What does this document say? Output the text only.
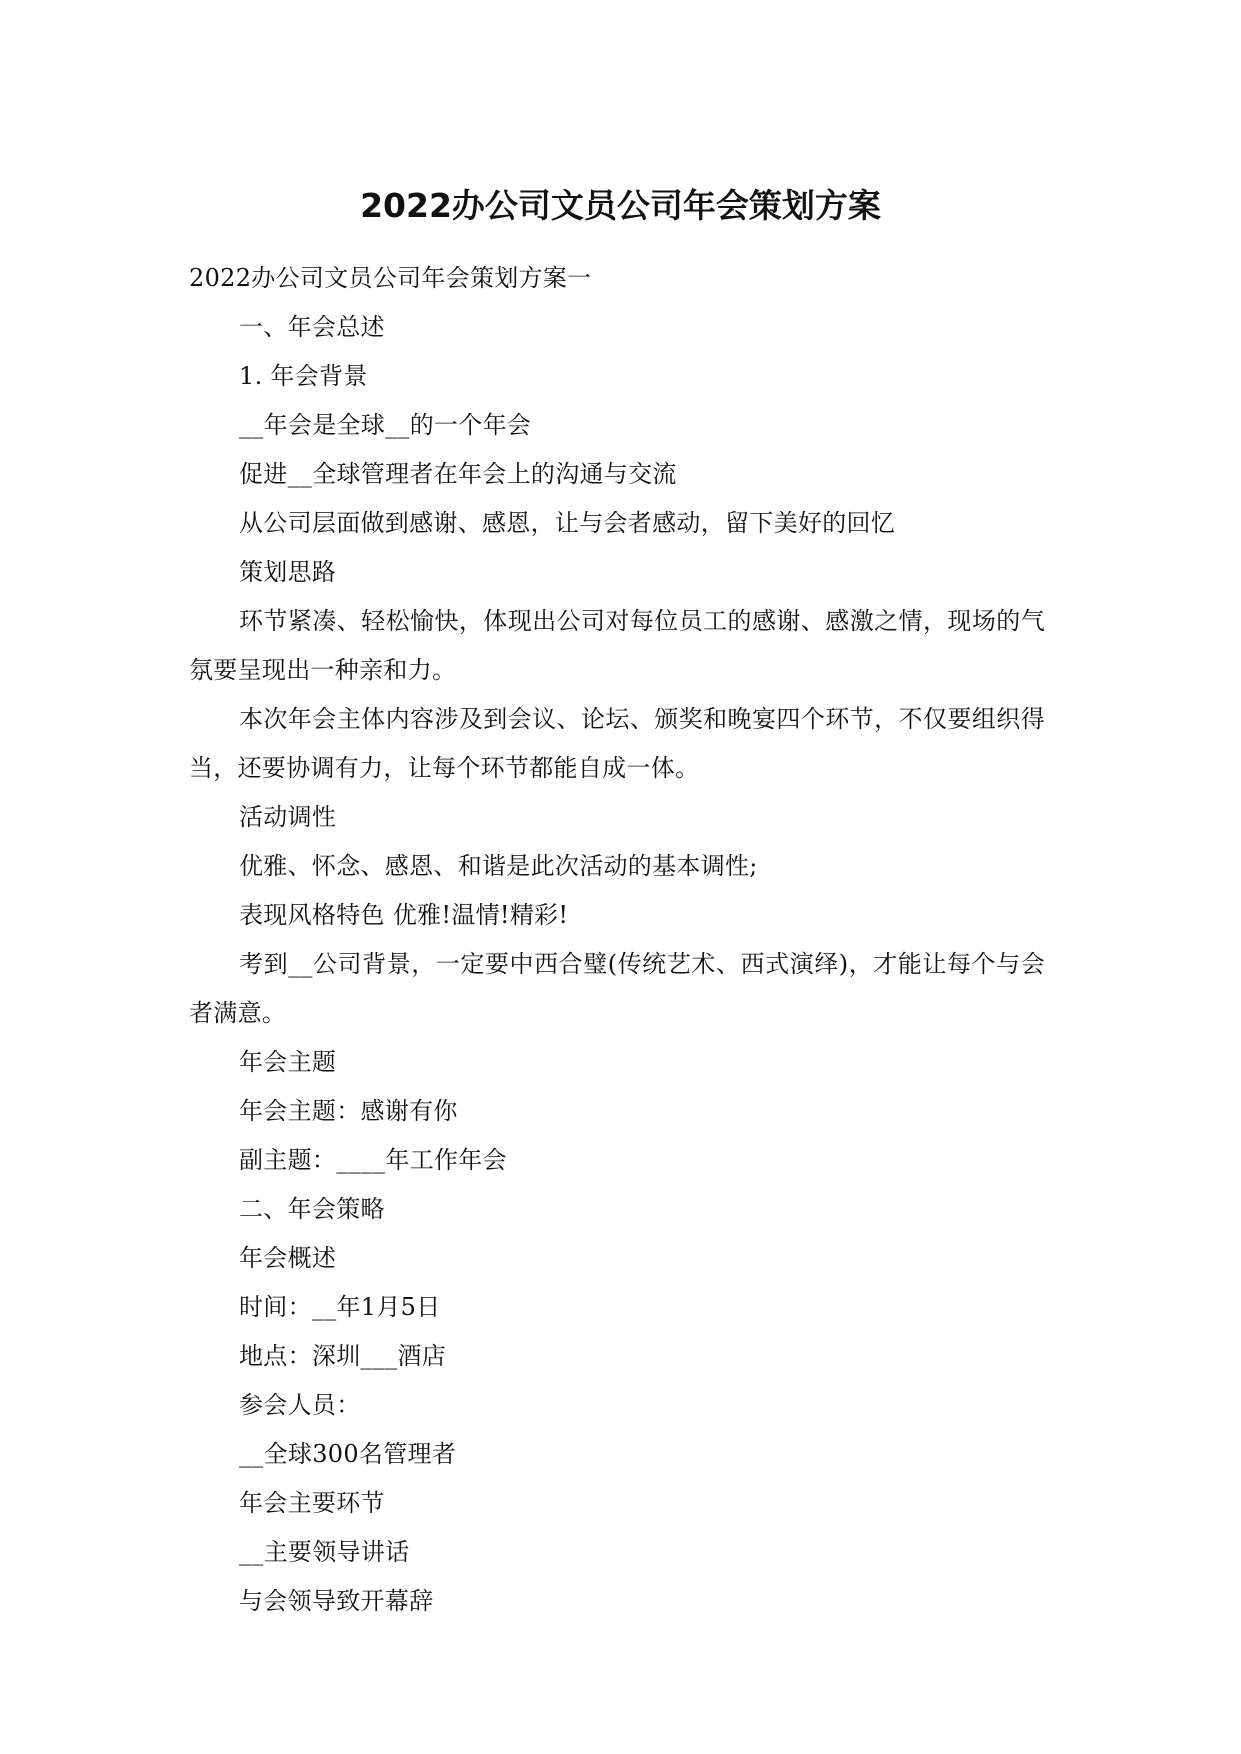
2022办公司文员公司年会策划方案

2022办公司文员公司年会策划方案一

一、年会总述

1. 年会背景

__年会是全球__的一个年会

促进__全球管理者在年会上的沟通与交流

从公司层面做到感谢、感恩，让与会者感动，留下美好的回忆

策划思路

环节紧凑、轻松愉快，体现出公司对每位员工的感谢、感激之情，现场的气氛要呈现出一种亲和力。

本次年会主体内容涉及到会议、论坛、颁奖和晚宴四个环节，不仅要组织得当，还要协调有力，让每个环节都能自成一体。

活动调性

优雅、怀念、感恩、和谐是此次活动的基本调性;

表现风格特色 优雅!温情!精彩!

考到__公司背景，一定要中西合璧(传统艺术、西式演绎)，才能让每个与会者满意。

年会主题

年会主题：感谢有你

副主题：____年工作年会

二、年会策略

年会概述

时间：__年1月5日

地点：深圳___酒店

参会人员：

__全球300名管理者

年会主要环节

__主要领导讲话

与会领导致开幕辞
